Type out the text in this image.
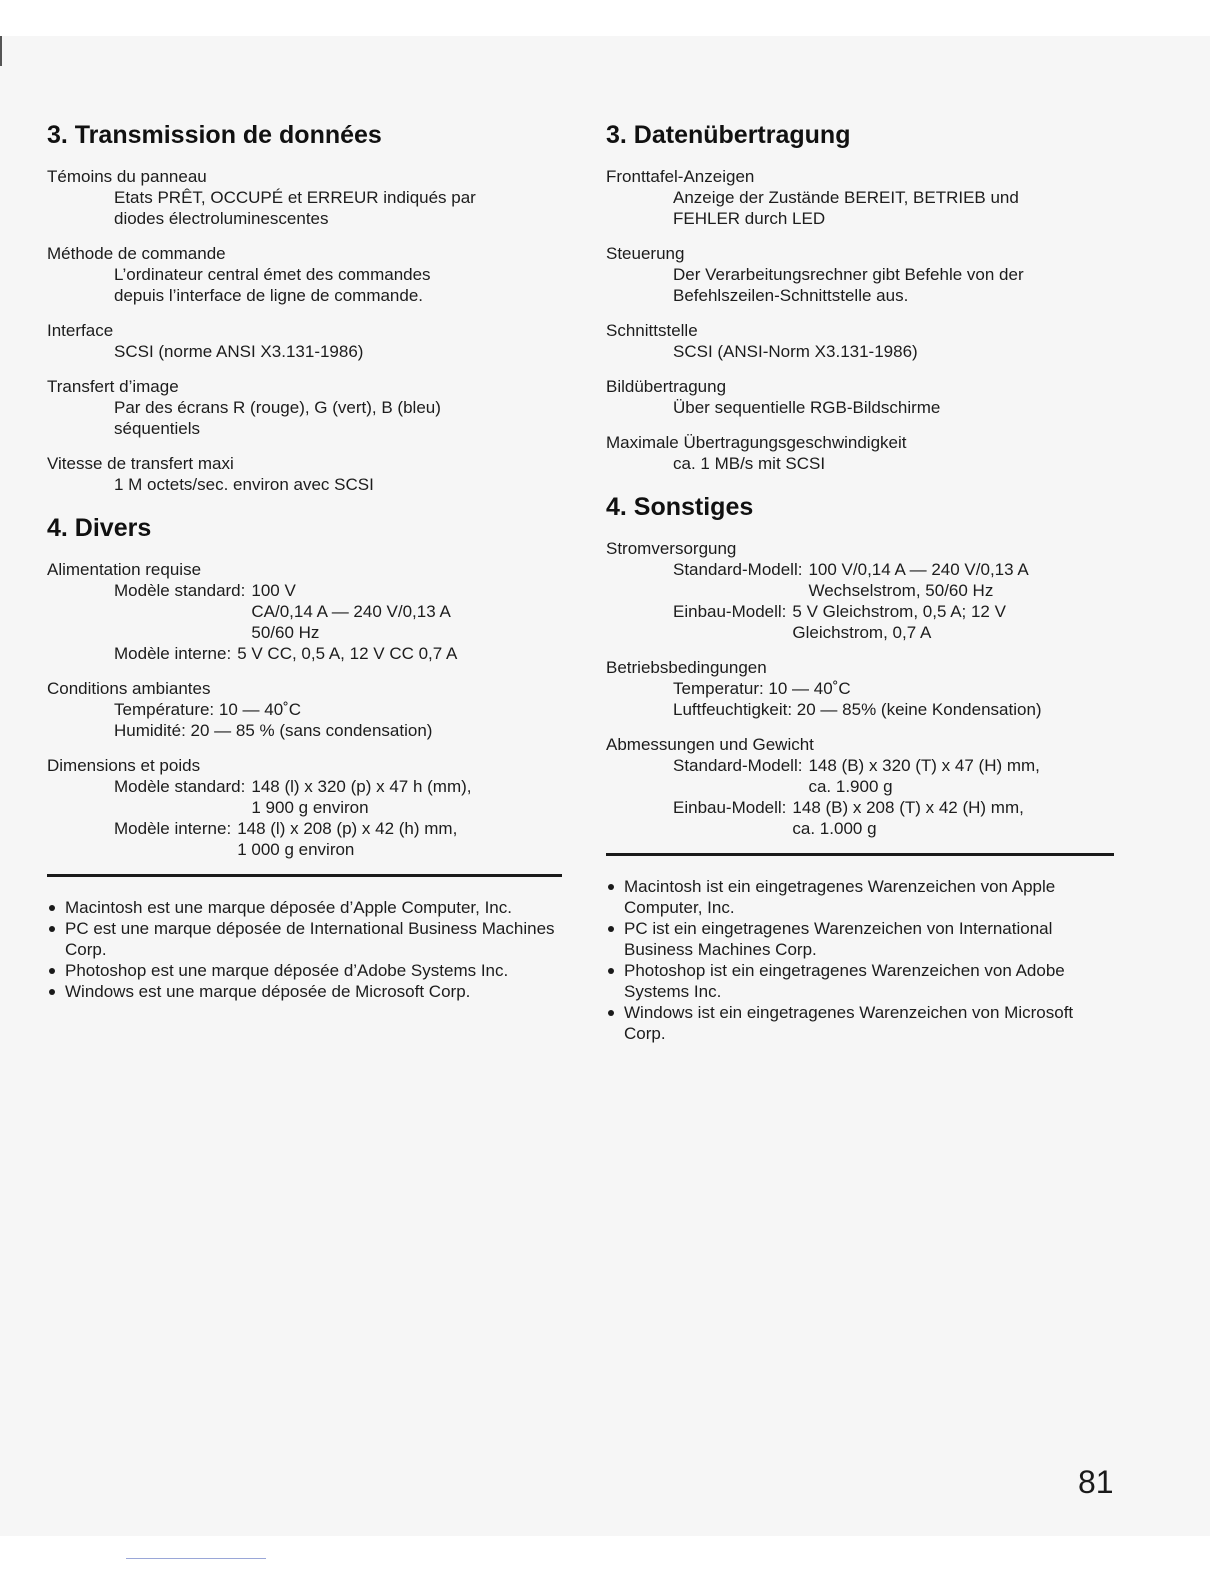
3. Transmission de données
Témoins du panneau
Etats PRÊT, OCCUPÉ et ERREUR indiqués par
diodes électroluminescentes
Méthode de commande
L’ordinateur central émet des commandes
depuis l’interface de ligne de commande.
Interface
SCSI (norme ANSI X3.131-1986)
Transfert d’image
Par des écrans R (rouge), G (vert), B (bleu)
séquentiels
Vitesse de transfert maxi
1 M octets/sec. environ avec SCSI
4. Divers
Alimentation requise
Modèle standard: 100 V
CA/0,14 A — 240 V/0,13 A
50/60 Hz
Modèle interne: 5 V CC, 0,5 A, 12 V CC 0,7 A
Conditions ambiantes
Température: 10 — 40˚C
Humidité: 20 — 85 % (sans condensation)
Dimensions et poids
Modèle standard: 148 (l) x 320 (p) x 47 h (mm),
1 900 g environ
Modèle interne: 148 (l) x 208 (p) x 42 (h) mm,
1 000 g environ
Macintosh est une marque déposée d’Apple Computer, Inc.
PC est une marque déposée de International Business Machines Corp.
Photoshop est une marque déposée d’Adobe Systems Inc.
Windows est une marque déposée de Microsoft Corp.
3. Datenübertragung
Fronttafel-Anzeigen
Anzeige der Zustände BEREIT, BETRIEB und
FEHLER durch LED
Steuerung
Der Verarbeitungsrechner gibt Befehle von der
Befehlszeilen-Schnittstelle aus.
Schnittstelle
SCSI (ANSI-Norm X3.131-1986)
Bildübertragung
Über sequentielle RGB-Bildschirme
Maximale Übertragungsgeschwindigkeit
ca. 1 MB/s mit SCSI
4. Sonstiges
Stromversorgung
Standard-Modell: 100 V/0,14 A — 240 V/0,13 A
Wechselstrom, 50/60 Hz
Einbau-Modell: 5 V Gleichstrom, 0,5 A; 12 V
Gleichstrom, 0,7 A
Betriebsbedingungen
Temperatur: 10 — 40˚C
Luftfeuchtigkeit: 20 — 85% (keine Kondensation)
Abmessungen und Gewicht
Standard-Modell: 148 (B) x 320 (T) x 47 (H) mm,
ca. 1.900 g
Einbau-Modell: 148 (B) x 208 (T) x 42 (H) mm,
ca. 1.000 g
Macintosh ist ein eingetragenes Warenzeichen von Apple Computer, Inc.
PC ist ein eingetragenes Warenzeichen von International Business Machines Corp.
Photoshop ist ein eingetragenes Warenzeichen von Adobe Systems Inc.
Windows ist ein eingetragenes Warenzeichen von Microsoft Corp.
81
